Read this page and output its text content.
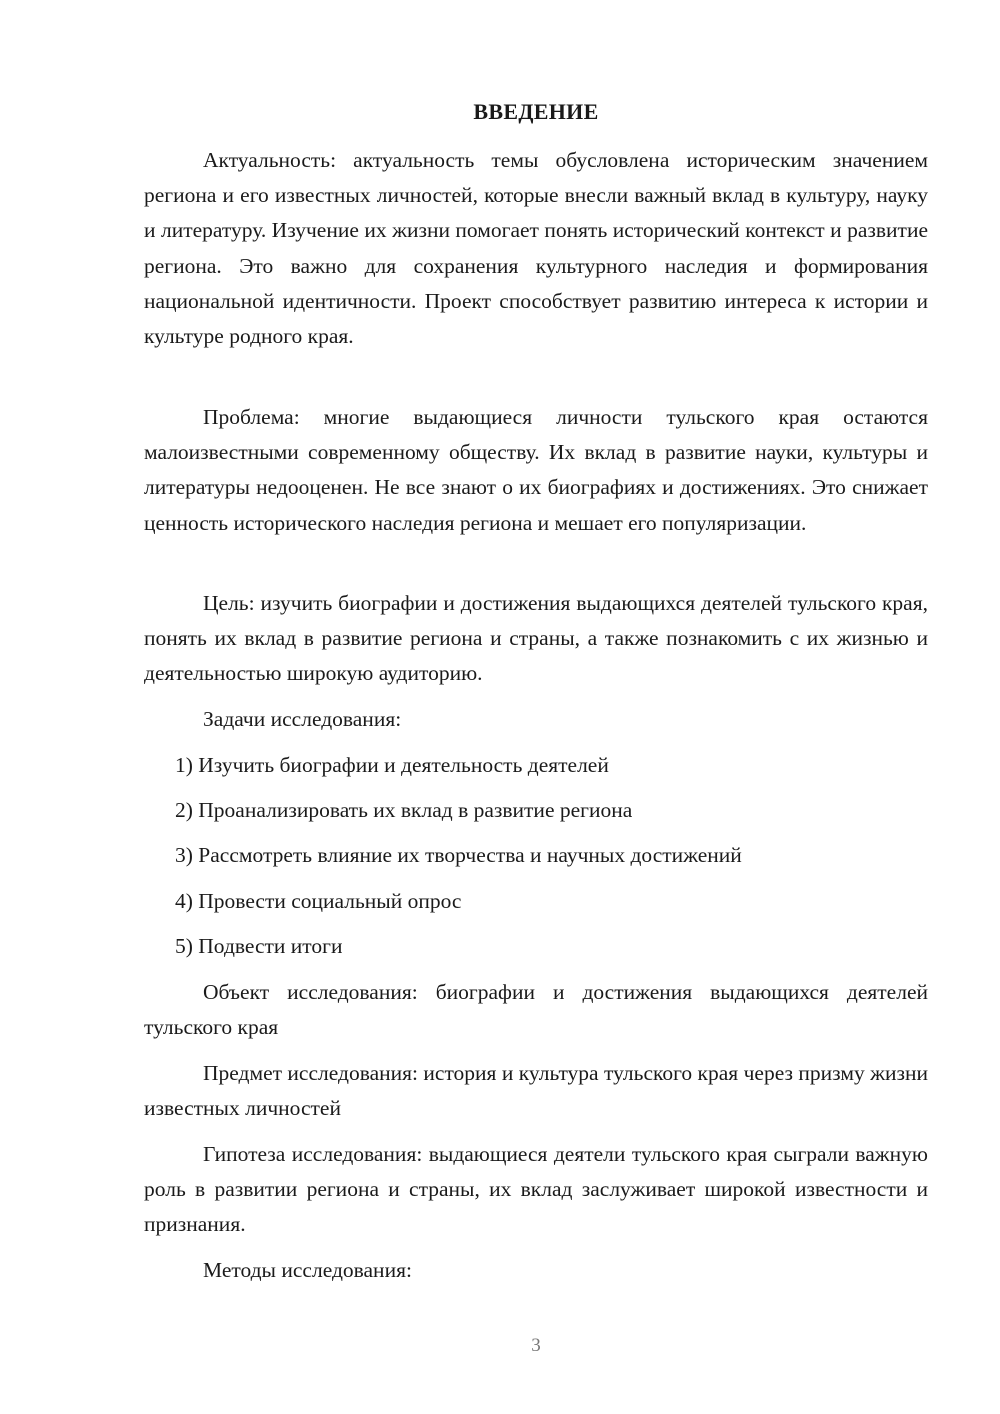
ВВЕДЕНИЕ

Актуальность: актуальность темы обусловлена историческим значением региона и его известных личностей, которые внесли важный вклад в культуру, науку и литературу. Изучение их жизни помогает понять исторический контекст и развитие региона. Это важно для сохранения культурного наследия и формирования национальной идентичности. Проект способствует развитию интереса к истории и культуре родного края.

Проблема: многие выдающиеся личности тульского края остаются малоизвестными современному обществу. Их вклад в развитие науки, культуры и литературы недооценен. Не все знают о их биографиях и достижениях. Это снижает ценность исторического наследия региона и мешает его популяризации.

Цель: изучить биографии и достижения выдающихся деятелей тульского края, понять их вклад в развитие региона и страны, а также познакомить с их жизнью и деятельностью широкую аудиторию.

Задачи исследования:

1) Изучить биографии и деятельность деятелей

2) Проанализировать их вклад в развитие региона

3) Рассмотреть влияние их творчества и научных достижений

4) Провести социальный опрос

5) Подвести итоги

Объект исследования: биографии и достижения выдающихся деятелей тульского края

Предмет исследования: история и культура тульского края через призму жизни известных личностей

Гипотеза исследования: выдающиеся деятели тульского края сыграли важную роль в развитии региона и страны, их вклад заслуживает широкой известности и признания.

Методы исследования:

3
